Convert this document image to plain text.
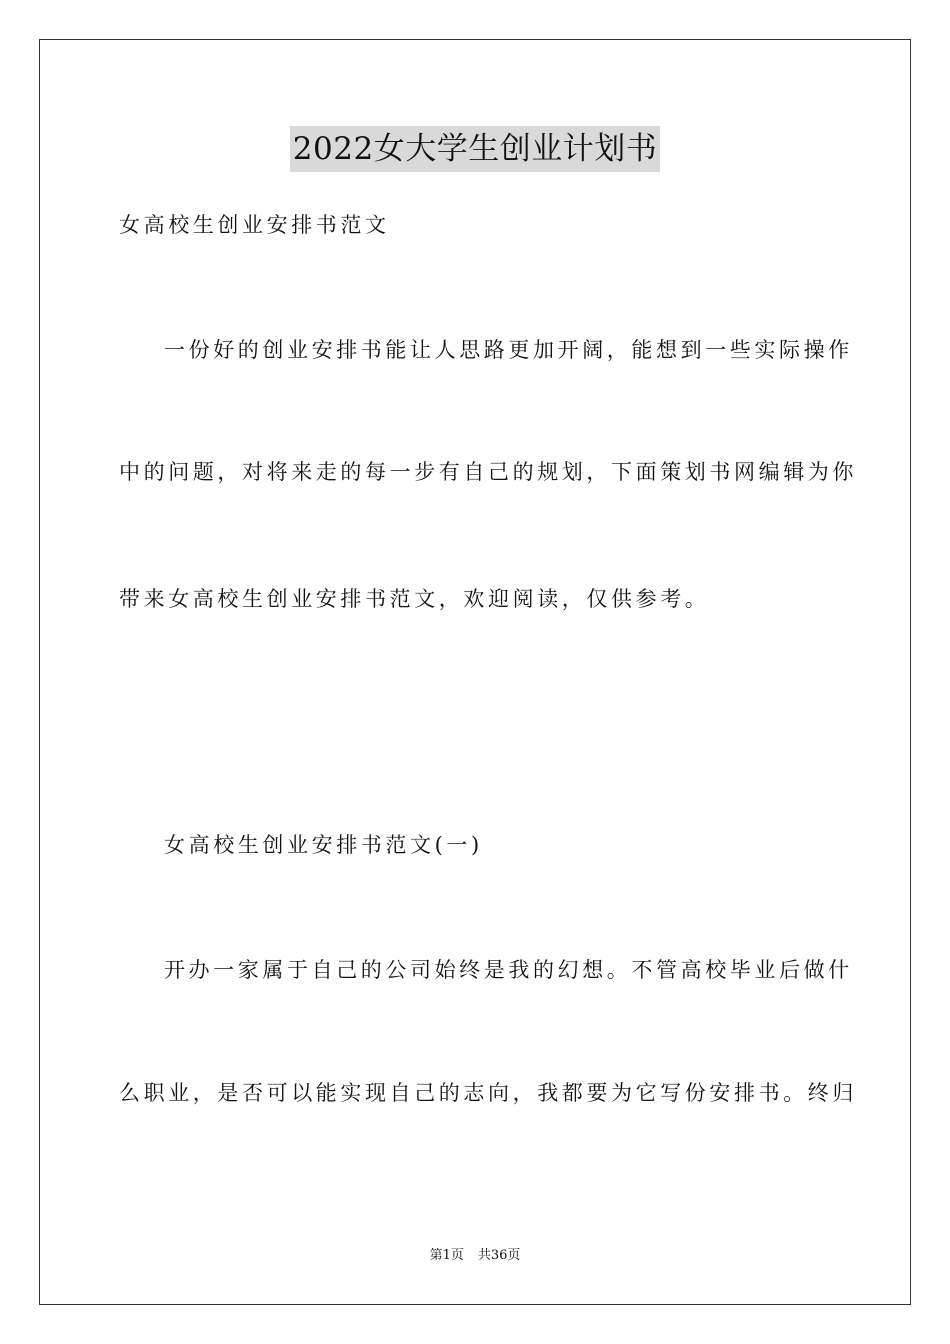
2022女大学生创业计划书
女高校生创业安排书范文
一份好的创业安排书能让人思路更加开阔，能想到一些实际操作
中的问题，对将来走的每一步有自己的规划，下面策划书网编辑为你
带来女高校生创业安排书范文，欢迎阅读，仅供参考。
女高校生创业安排书范文(一)
开办一家属于自己的公司始终是我的幻想。不管高校毕业后做什
么职业，是否可以能实现自己的志向，我都要为它写份安排书。终归
第1页 共36页
